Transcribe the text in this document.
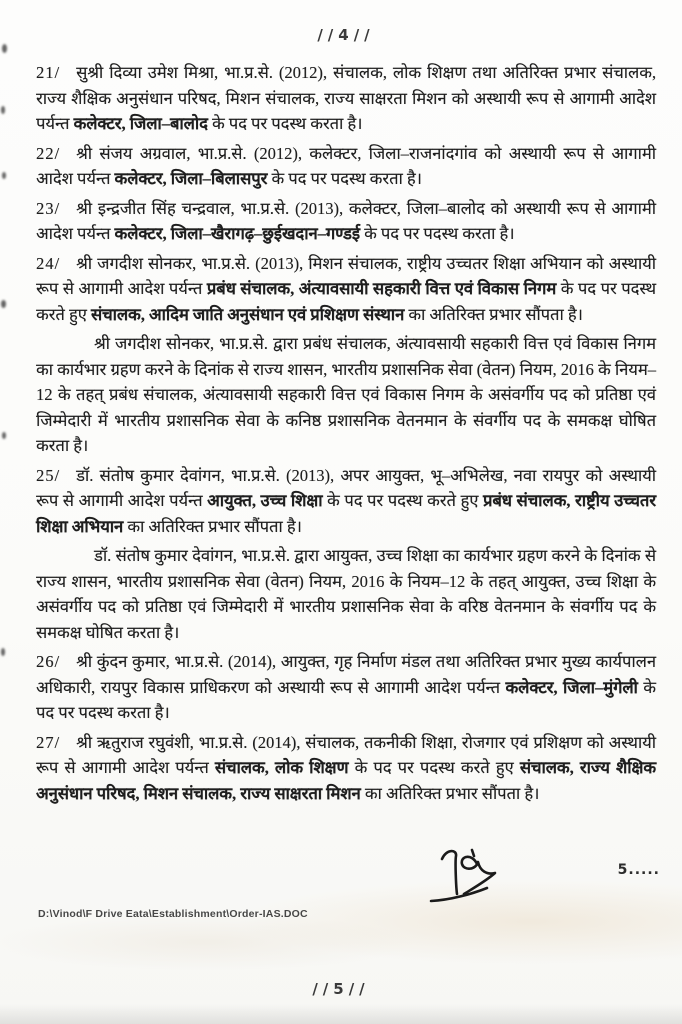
//4//

21/ सुश्री दिव्या उमेश मिश्रा, भा.प्र.से. (2012), संचालक, लोक शिक्षण तथा अतिरिक्त प्रभार संचालक, राज्य शैक्षिक अनुसंधान परिषद, मिशन संचालक, राज्य साक्षरता मिशन को अस्थायी रूप से आगामी आदेश पर्यन्त कलेक्टर, जिला–बालोद के पद पर पदस्थ करता है।

22/ श्री संजय अग्रवाल, भा.प्र.से. (2012), कलेक्टर, जिला–राजनांदगांव को अस्थायी रूप से आगामी आदेश पर्यन्त कलेक्टर, जिला–बिलासपुर के पद पर पदस्थ करता है।

23/ श्री इन्द्रजीत सिंह चन्द्रवाल, भा.प्र.से. (2013), कलेक्टर, जिला–बालोद को अस्थायी रूप से आगामी आदेश पर्यन्त कलेक्टर, जिला–खैरागढ़–छुईखदान–गण्डई के पद पर पदस्थ करता है।

24/ श्री जगदीश सोनकर, भा.प्र.से. (2013), मिशन संचालक, राष्ट्रीय उच्चतर शिक्षा अभियान को अस्थायी रूप से आगामी आदेश पर्यन्त प्रबंध संचालक, अंत्यावसायी सहकारी वित्त एवं विकास निगम के पद पर पदस्थ करते हुए संचालक, आदिम जाति अनुसंधान एवं प्रशिक्षण संस्थान का अतिरिक्त प्रभार सौंपता है।

श्री जगदीश सोनकर, भा.प्र.से. द्वारा प्रबंध संचालक, अंत्यावसायी सहकारी वित्त एवं विकास निगम का कार्यभार ग्रहण करने के दिनांक से राज्य शासन, भारतीय प्रशासनिक सेवा (वेतन) नियम, 2016 के नियम–12 के तहत् प्रबंध संचालक, अंत्यावसायी सहकारी वित्त एवं विकास निगम के असंवर्गीय पद को प्रतिष्ठा एवं जिम्मेदारी में भारतीय प्रशासनिक सेवा के कनिष्ठ प्रशासनिक वेतनमान के संवर्गीय पद के समकक्ष घोषित करता है।

25/ डॉ. संतोष कुमार देवांगन, भा.प्र.से. (2013), अपर आयुक्त, भू–अभिलेख, नवा रायपुर को अस्थायी रूप से आगामी आदेश पर्यन्त आयुक्त, उच्च शिक्षा के पद पर पदस्थ करते हुए प्रबंध संचालक, राष्ट्रीय उच्चतर शिक्षा अभियान का अतिरिक्त प्रभार सौंपता है।

डॉ. संतोष कुमार देवांगन, भा.प्र.से. द्वारा आयुक्त, उच्च शिक्षा का कार्यभार ग्रहण करने के दिनांक से राज्य शासन, भारतीय प्रशासनिक सेवा (वेतन) नियम, 2016 के नियम–12 के तहत् आयुक्त, उच्च शिक्षा के असंवर्गीय पद को प्रतिष्ठा एवं जिम्मेदारी में भारतीय प्रशासनिक सेवा के वरिष्ठ वेतनमान के संवर्गीय पद के समकक्ष घोषित करता है।

26/ श्री कुंदन कुमार, भा.प्र.से. (2014), आयुक्त, गृह निर्माण मंडल तथा अतिरिक्त प्रभार मुख्य कार्यपालन अधिकारी, रायपुर विकास प्राधिकरण को अस्थायी रूप से आगामी आदेश पर्यन्त कलेक्टर, जिला–मुंगेली के पद पर पदस्थ करता है।

27/ श्री ऋतुराज रघुवंशी, भा.प्र.से. (2014), संचालक, तकनीकी शिक्षा, रोजगार एवं प्रशिक्षण को अस्थायी रूप से आगामी आदेश पर्यन्त संचालक, लोक शिक्षण के पद पर पदस्थ करते हुए संचालक, राज्य शैक्षिक अनुसंधान परिषद, मिशन संचालक, राज्य साक्षरता मिशन का अतिरिक्त प्रभार सौंपता है।

5.....
D:\Vinod\F Drive Eata\Establishment\Order-IAS.DOC
//5//
